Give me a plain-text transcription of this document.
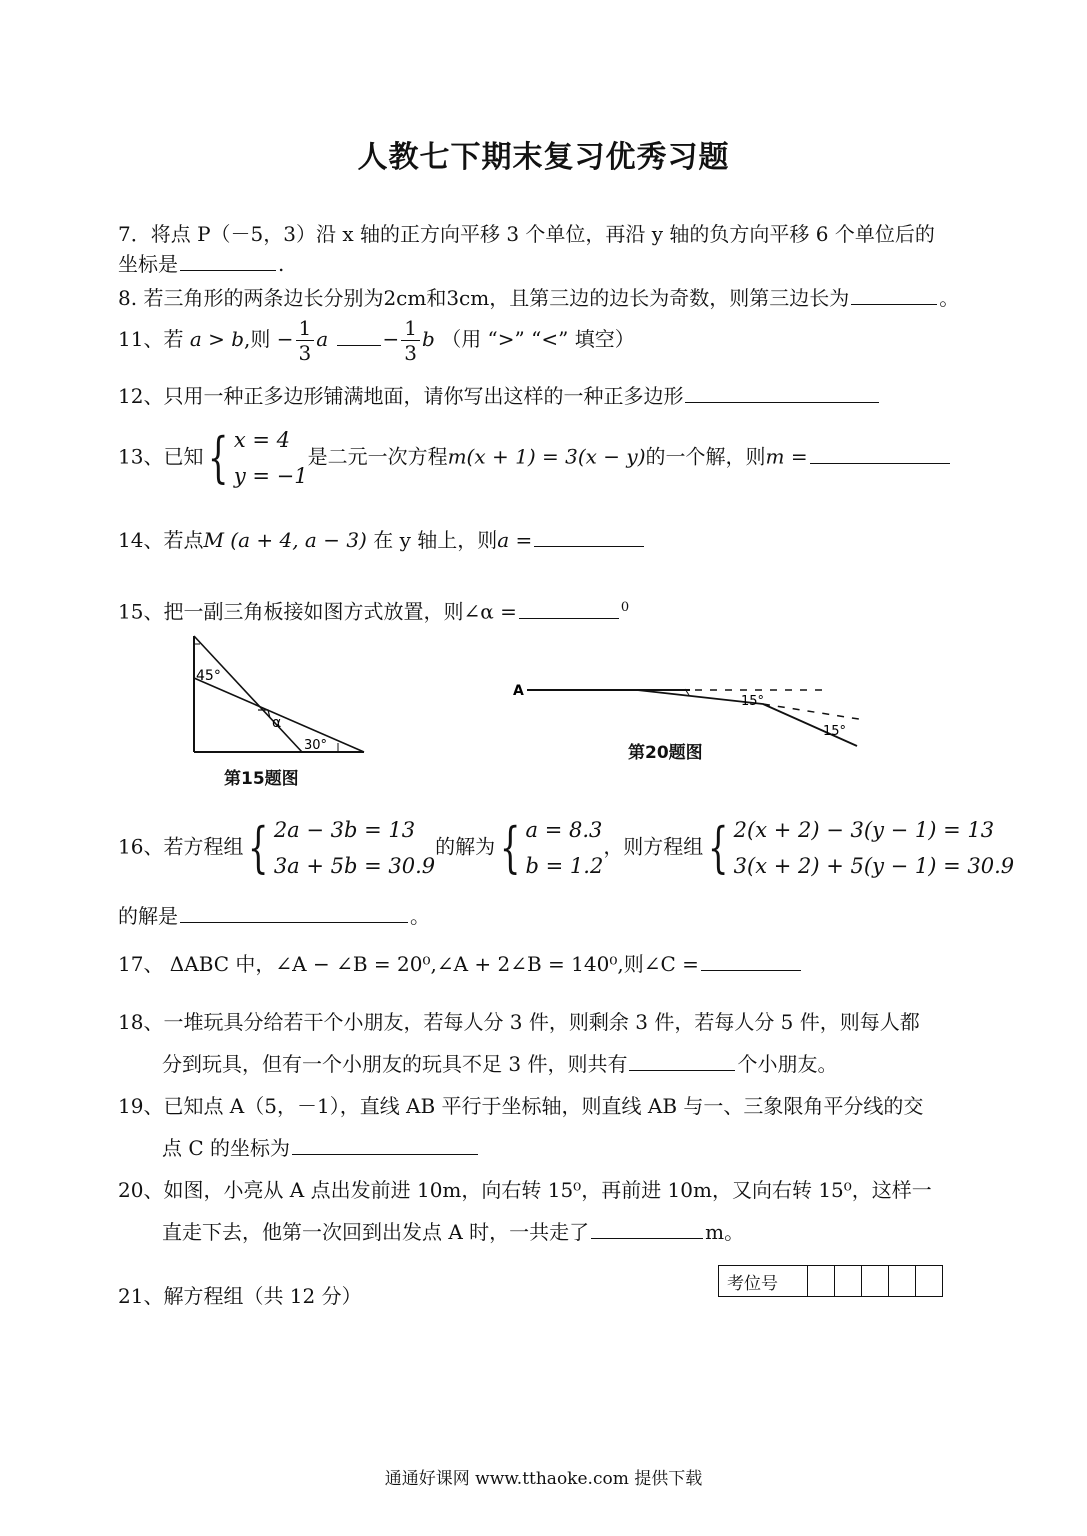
人教七下期末复习优秀习题
7．将点 P（－5，3）沿 x 轴的正方向平移 3 个单位，再沿 y 轴的负方向平移 6 个单位后的
坐标是	.
8. 若三角形的两条边长分别为2cm和3cm，且第三边的边长为奇数，则第三边长为	。
11、若 a > b,则 − $\frac{1}{3}$ a	− $\frac{1}{3}$ b （用 “>” “<” 填空）
12、只用一种正多边形铺满地面，请你写出这样的一种正多边形
13、已知{ x = 4
y = −1
是二元一次方程m(x + 1) = 3(x − y)的一个解，则m =
14、若点M (a + 4, a − 3) 在 y 轴上，则a =
15、把一副三角板接如图方式放置，则∠α =	$^0$
45°
α
30°
第15题图
A
15°
15°
第20题图
16、若方程组{ 2a − 3b = 13
3a + 5b = 30.9
的解为{ a = 8.3
b = 1.2
，则方程组{ 2(x + 2) − 3(y − 1) = 13
3(x + 2) + 5(y − 1) = 30.9
的解是	。
17、 ΔABC 中，∠A − ∠B = 20⁰,∠A + 2∠B = 140⁰,则∠C =
18、一堆玩具分给若干个小朋友，若每人分 3 件，则剩余 3 件，若每人分 5 件，则每人都
分到玩具，但有一个小朋友的玩具不足 3 件，则共有	个小朋友。
19、已知点 A（5，－1），直线 AB 平行于坐标轴，则直线 AB 与一、三象限角平分线的交
点 C 的坐标为
20、如图，小亮从 A 点出发前进 10m，向右转 15⁰，再前进 10m，又向右转 15⁰，这样一
直走下去，他第一次回到出发点 A 时，一共走了	m。
21、解方程组（共 12 分）
考位号					
通通好课网 www.tthaoke.com 提供下载
